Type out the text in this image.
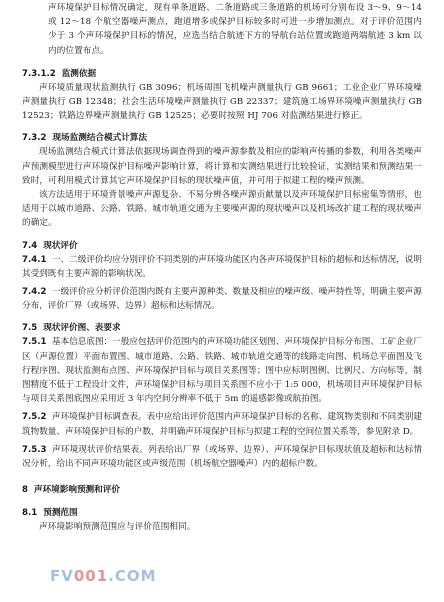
声环境保护目标情况确定，现有单条道路、二条道路或三条道路的机场可分别布设 3～9、9～14 或 12～18 个航空器噪声测点，跑道增多或保护目标较多时可进一步增加测点。对于评价范围内少于 3 个声环境保护目标的情况，应选当结合航迹下方的导航台站位置或跑道两端航迹 3 km 以内的位置布点。

7.3.1.2 监测依据

声环境质量现状监测执行 GB 3096；机场周围飞机噪声测量执行 GB 9661；工业企业厂界环境噪声测量执行 GB 12348；社会生活环境噪声测量执行 GB 22337；建筑施工场界环境噪声测量执行 GB 12523；铁路边界噪声测量执行 GB 12525；必要时按照 HJ 706 对监测结果进行修正。

7.3.2 现场监测结合模式计算法

现场监测结合模式计算法依据现场调查得到的噪声源参数及相应的影响声传播的参数，利用各类噪声声预测模型进行声环境保护目标噪声影响计算，将计算和实测结果进行比较验证，实测结果和预测结果一致时，可利用模式计算其它声环境保护目标的现状噪声值，并可用于拟建工程的噪声预测。

该方法适用于环境背景噪声声源复杂、不易分辨各噪声源贡献量以及声环境保护目标密集等情形，也适用于以城市道路、公路、铁路、城市轨道交通为主要噪声源的现状噪声以及机场改扩建工程的现状噪声的确定。

7.4 现状评价

7.4.1 一、二级评价均应分别评价不同类别的声环境功能区内各声环境保护目标的超标和达标情况，说明其受到既有主要声源的影响状况。

7.4.2 一级评价应分析评价范围内既有主要声源种类、数量及相应的噪声级、噪声特性等，明确主要声源分布，评价厂界（或场界、边界）超标和达标情况。

7.5 现状评价图、表要求

7.5.1 基本信息底图：一般应包括评价范围内的声环境功能区划图、声环境保护目标分布图、工矿企业厂区（声源位置）平面布置图、城市道路、公路、铁路、城市轨道交通等的线路走向图、机场总平面图及飞行程序图、现状监测布点图、声环境保护目标与项目关系图等；图中应标明图例、比例尺、方向标等，制图精度不低于工程设计文件，声环境保护目标与项目关系图不应小于 1:5 000，机场项目声环境保护目标与项目关系图底图应采用近 3 年内空间分辨率不低于 5m 的遥感影像或航拍图。

7.5.2 声环境保护目标调查表。表中应给出评价范围内声环境保护目标的名称、建筑物类别和不同类别建筑物数量、声环境保护目标的户数，并明确声环境保护目标与拟建工程的空间位置关系等，参见附录 D。

7.5.3 声环境现状评价结果表。列表给出厂界（或场界、边界）、声环境保护目标现状值及超标和达标情况分析，给出不同声环境功能区或声级范围（机场航空器噪声）内的超标户数。

8 声环境影响预测和评价

8.1 预测范围

声环境影响预测范围应与评价范围相同。

FV001.COM
